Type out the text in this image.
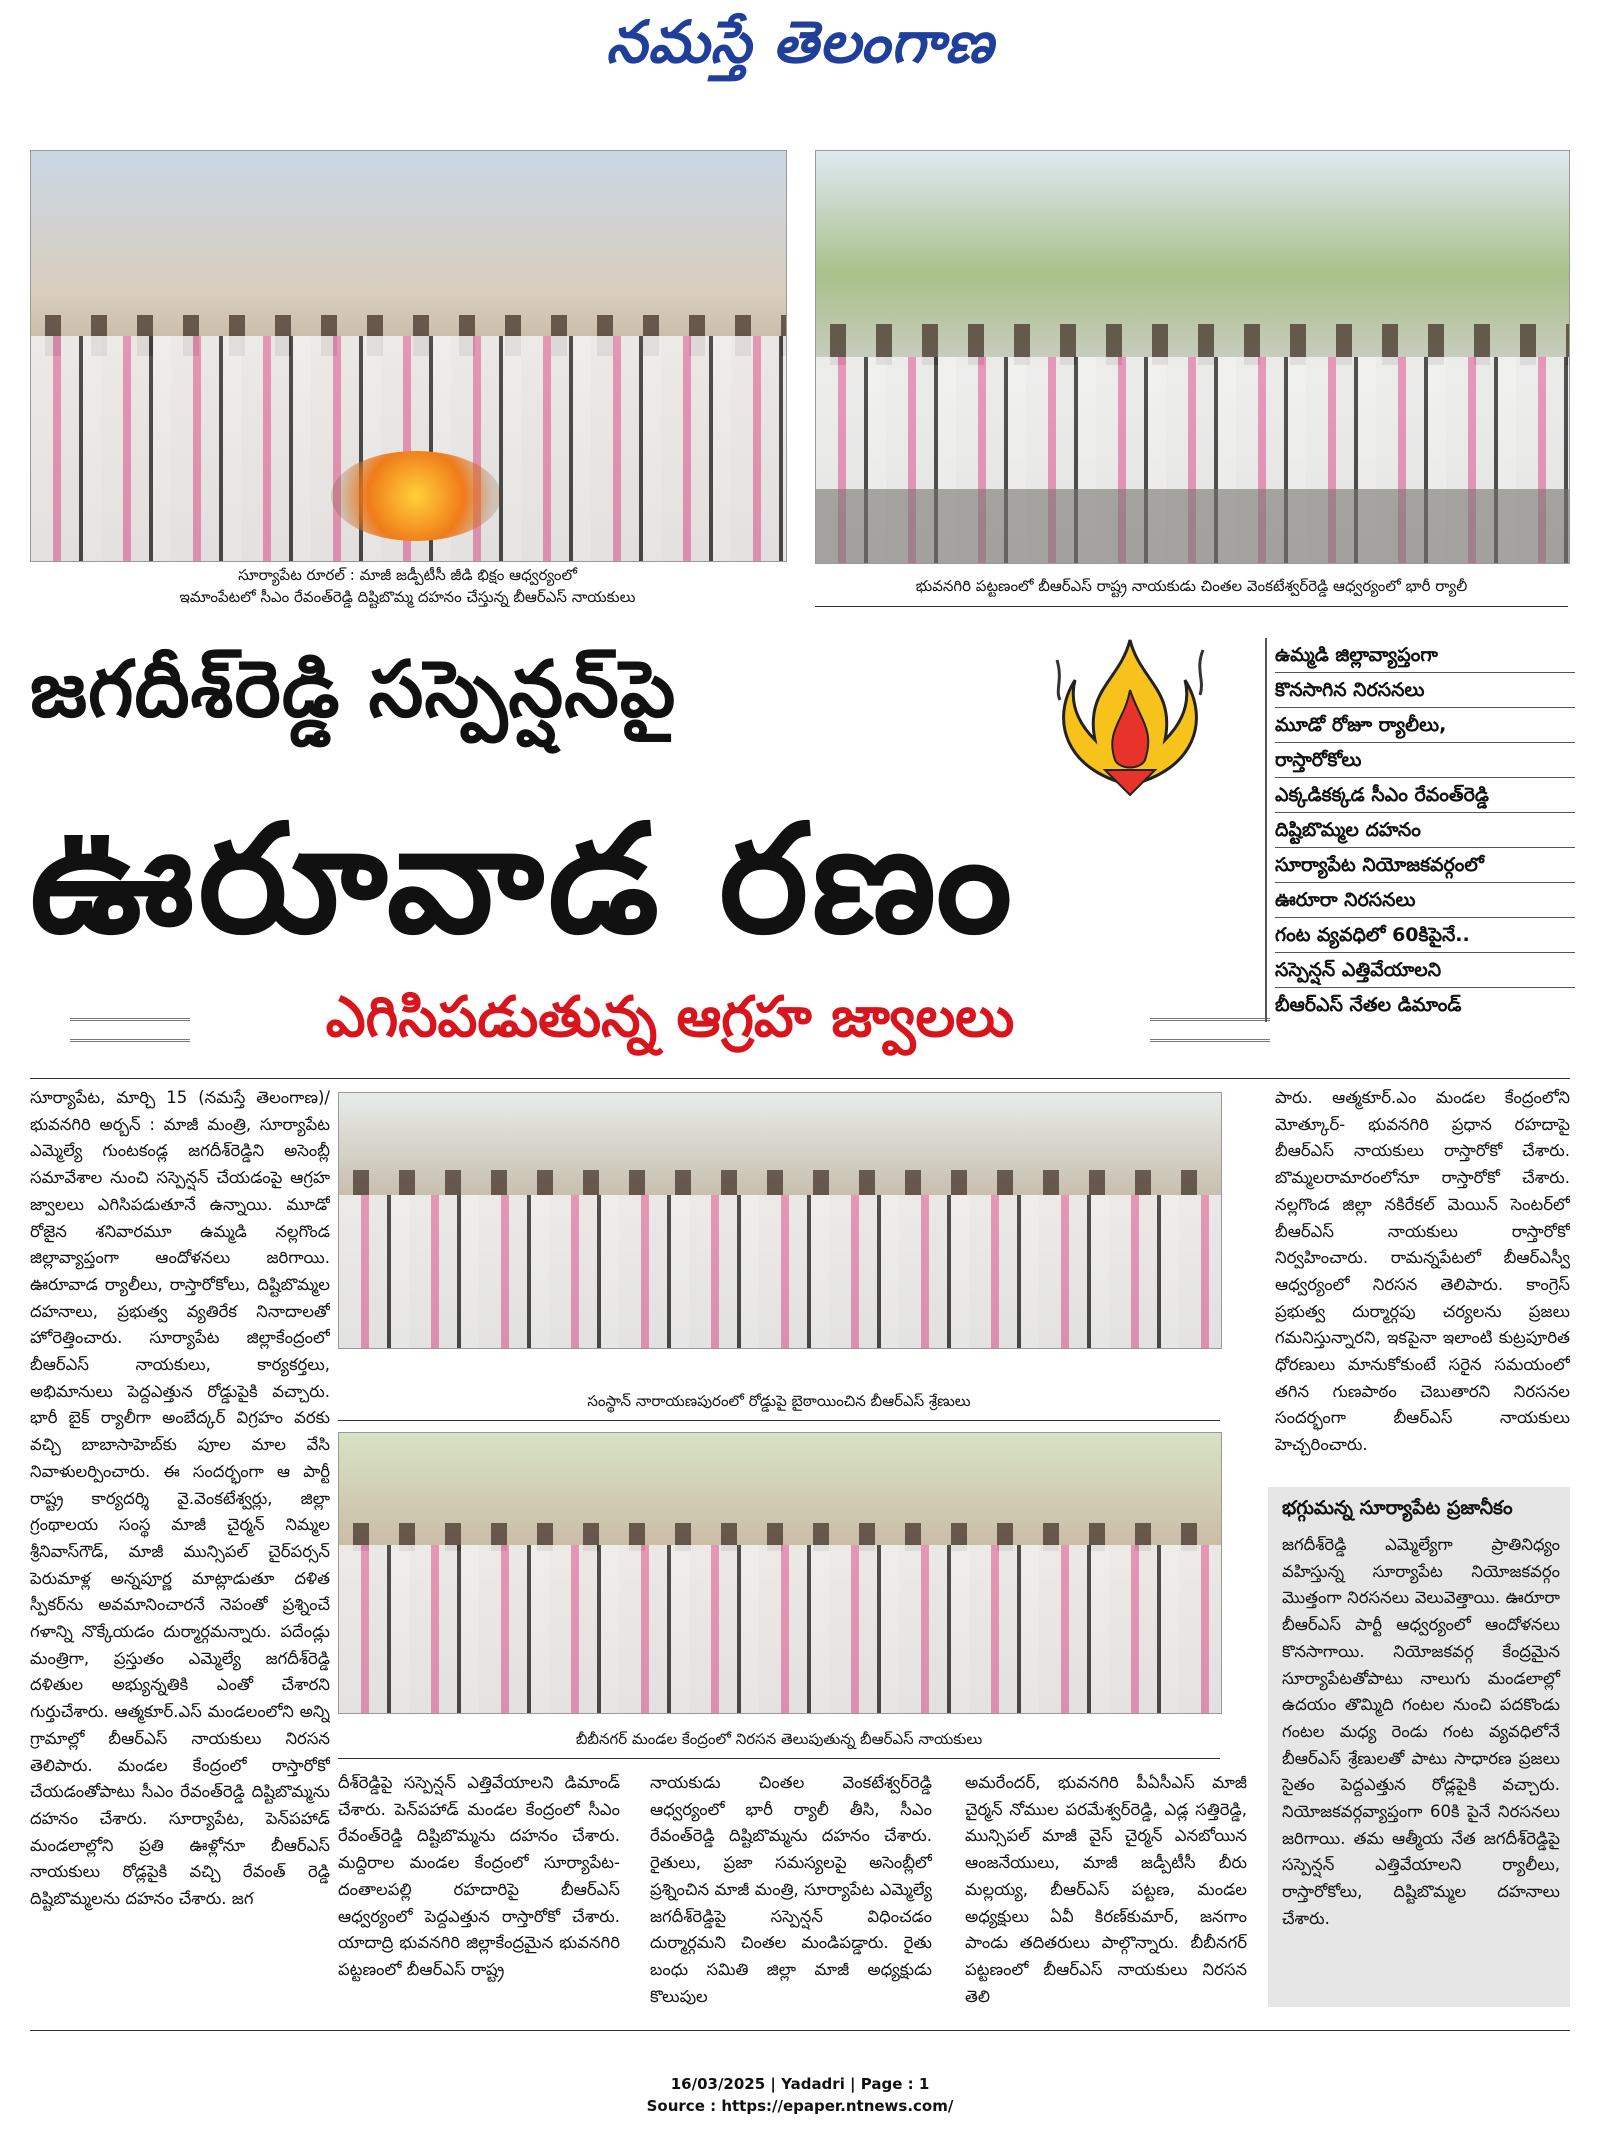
నమస్తే తెలంగాణ
సూర్యాపేట రూరల్ : మాజీ జడ్పీటీసీ జీడి భిక్షం ఆధ్వర్యంలో
ఇమాంపేటలో సీఎం రేవంత్‌రెడ్డి దిష్టిబొమ్మ దహనం చేస్తున్న బీఆర్‌ఎస్ నాయకులు
భువనగిరి పట్టణంలో బీఆర్‌ఎస్ రాష్ట్ర నాయకుడు చింతల వెంకటేశ్వర్‌రెడ్డి ఆధ్వర్యంలో భారీ ర్యాలీ
జగదీశ్‌రెడ్డి సస్పెన్షన్‌పై
ఊరూవాడ రణం
ఎగిసిపడుతున్న ఆగ్రహ జ్వాలలు
ఉమ్మడి జిల్లావ్యాప్తంగా
కొనసాగిన నిరసనలు
మూడో రోజూ ర్యాలీలు,
రాస్తారోకోలు
ఎక్కడికక్కడ సీఎం రేవంత్‌రెడ్డి
దిష్టిబొమ్మల దహనం
సూర్యాపేట నియోజకవర్గంలో
ఊరూరా నిరసనలు
గంట వ్యవధిలో 60కిపైనే..
సస్పెన్షన్ ఎత్తివేయాలని
బీఆర్‌ఎస్ నేతల డిమాండ్
సూర్యాపేట, మార్చి 15 (నమస్తే తెలంగాణ)/భువనగిరి అర్బన్ : మాజీ మంత్రి, సూర్యాపేట ఎమ్మెల్యే గుంటకండ్ల జగదీశ్‌రెడ్డిని అసెంబ్లీ సమావేశాల నుంచి సస్పెన్షన్ చేయడంపై ఆగ్రహ జ్వాలలు ఎగిసిపడుతూనే ఉన్నాయి. మూడో రోజైన శనివారమూ ఉమ్మడి నల్లగొండ జిల్లావ్యాప్తంగా ఆందోళనలు జరిగాయి. ఊరూవాడ ర్యాలీలు, రాస్తారోకోలు, దిష్టిబొమ్మల దహనాలు, ప్రభుత్వ వ్యతిరేక నినాదాలతో హోరెత్తించారు. సూర్యాపేట జిల్లాకేంద్రంలో బీఆర్‌ఎస్ నాయకులు, కార్యకర్తలు, అభిమానులు పెద్దఎత్తున రోడ్డుపైకి వచ్చారు. భారీ బైక్ ర్యాలీగా అంబేద్కర్ విగ్రహం వరకు వచ్చి బాబాసాహెబ్‌కు పూల మాల వేసి నివాళులర్పించారు. ఈ సందర్భంగా ఆ పార్టీ రాష్ట్ర కార్యదర్శి వై.వెంకటేశ్వర్లు, జిల్లా గ్రంథాలయ సంస్థ మాజీ చైర్మన్ నిమ్మల శ్రీనివాస్‌గౌడ్, మాజీ మున్సిపల్ చైర్‌పర్సన్ పెరుమాళ్ల అన్నపూర్ణ మాట్లాడుతూ దళిత స్పీకర్‌ను అవమానించారనే నెపంతో ప్రశ్నించే గళాన్ని నొక్కేయడం దుర్మార్గమన్నారు. పదేండ్లు మంత్రిగా, ప్రస్తుతం ఎమ్మెల్యే జగదీశ్‌రెడ్డి దళితుల అభ్యున్నతికి ఎంతో చేశారని గుర్తుచేశారు. ఆత్మకూర్.ఎస్ మండలంలోని అన్ని గ్రామాల్లో బీఆర్‌ఎస్ నాయకులు నిరసన తెలిపారు. మండల కేంద్రంలో రాస్తారోకో చేయడంతోపాటు సీఎం రేవంత్‌రెడ్డి దిష్టిబొమ్మను దహనం చేశారు. సూర్యాపేట, పెన్‌పహాడ్ మండలాల్లోని ప్రతి ఊళ్లోనూ బీఆర్‌ఎస్ నాయకులు రోడ్లపైకి వచ్చి రేవంత్ రెడ్డి దిష్టిబొమ్మలను దహనం చేశారు. జగ
సంస్థాన్ నారాయణపురంలో రోడ్డుపై బైఠాయించిన బీఆర్‌ఎస్ శ్రేణులు
బీబీనగర్ మండల కేంద్రంలో నిరసన తెలుపుతున్న బీఆర్‌ఎస్ నాయకులు
దీశ్‌రెడ్డిపై సస్పెన్షన్ ఎత్తివేయాలని డిమాండ్ చేశారు. పెన్‌పహాడ్ మండల కేంద్రంలో సీఎం రేవంత్‌రెడ్డి దిష్టిబొమ్మను దహనం చేశారు. మద్దిరాల మండల కేంద్రంలో సూర్యాపేట-దంతాలపల్లి రహదారిపై బీఆర్‌ఎస్ ఆధ్వర్యంలో పెద్దఎత్తున రాస్తారోకో చేశారు. యాదాద్రి భువనగిరి జిల్లాకేంద్రమైన భువనగిరి పట్టణంలో బీఆర్‌ఎస్ రాష్ట్ర
నాయకుడు చింతల వెంకటేశ్వర్‌రెడ్డి ఆధ్వర్యంలో భారీ ర్యాలీ తీసి, సీఎం రేవంత్‌రెడ్డి దిష్టిబొమ్మను దహనం చేశారు. రైతులు, ప్రజా సమస్యలపై అసెంబ్లీలో ప్రశ్నించిన మాజీ మంత్రి, సూర్యాపేట ఎమ్మెల్యే జగదీశ్‌రెడ్డిపై సస్పెన్షన్ విధించడం దుర్మార్గమని చింతల మండిపడ్డారు. రైతు బంధు సమితి జిల్లా మాజీ అధ్యక్షుడు కొలుపుల
అమరేందర్, భువనగిరి పీఏసీఎస్ మాజీ చైర్మన్ నోముల పరమేశ్వర్‌రెడ్డి, ఎడ్ల సత్తిరెడ్డి, మున్సిపల్ మాజీ వైస్ చైర్మన్ ఎనబోయిన ఆంజనేయులు, మాజీ జడ్పీటీసీ బీరు మల్లయ్య, బీఆర్‌ఎస్ పట్టణ, మండల అధ్యక్షులు ఏవీ కిరణ్‌కుమార్, జనగాం పాండు తదితరులు పాల్గొన్నారు. బీబీనగర్ పట్టణంలో బీఆర్‌ఎస్ నాయకులు నిరసన తెలి
పారు. ఆత్మకూర్.ఎం మండల కేంద్రంలోని మోత్కూర్- భువనగిరి ప్రధాన రహదాపై బీఆర్‌ఎస్ నాయకులు రాస్తారోకో చేశారు. బొమ్మలరామారంలోనూ రాస్తారోకో చేశారు. నల్లగొండ జిల్లా నకిరేకల్ మెయిన్ సెంటర్‌లో బీఆర్‌ఎస్ నాయకులు రాస్తారోకో నిర్వహించారు. రామన్నపేటలో బీఆర్‌ఎస్వీ ఆధ్వర్యంలో నిరసన తెలిపారు. కాంగ్రెస్ ప్రభుత్వ దుర్మార్గపు చర్యలను ప్రజలు గమనిస్తున్నారని, ఇకపైనా ఇలాంటి కుట్రపూరిత ధోరణులు మానుకోకుంటే సరైన సమయంలో తగిన గుణపాఠం చెబుతారని నిరసనల సందర్భంగా బీఆర్‌ఎస్ నాయకులు హెచ్చరించారు.
భగ్గుమన్న సూర్యాపేట ప్రజానీకం
జగదీశ్‌రెడ్డి ఎమ్మెల్యేగా ప్రాతినిధ్యం వహిస్తున్న సూర్యాపేట నియోజకవర్గం మొత్తంగా నిరసనలు వెలువెత్తాయి. ఊరూరా బీఆర్‌ఎస్ పార్టీ ఆధ్వర్యంలో ఆందోళనలు కొనసాగాయి. నియోజకవర్గ కేంద్రమైన సూర్యాపేటతోపాటు నాలుగు మండలాల్లో ఉదయం తొమ్మిది గంటల నుంచి పదకొండు గంటల మధ్య రెండు గంట వ్యవధిలోనే బీఆర్‌ఎస్ శ్రేణులతో పాటు సాధారణ ప్రజలు సైతం పెద్దఎత్తున రోడ్లపైకి వచ్చారు. నియోజకవర్గవ్యాప్తంగా 60కి పైనే నిరసనలు జరిగాయి. తమ ఆత్మీయ నేత జగదీశ్‌రెడ్డిపై సస్పెన్షన్ ఎత్తివేయాలని ర్యాలీలు, రాస్తారోకోలు, దిష్టిబొమ్మల దహనాలు చేశారు.
16/03/2025 | Yadadri | Page : 1
Source : https://epaper.ntnews.com/
